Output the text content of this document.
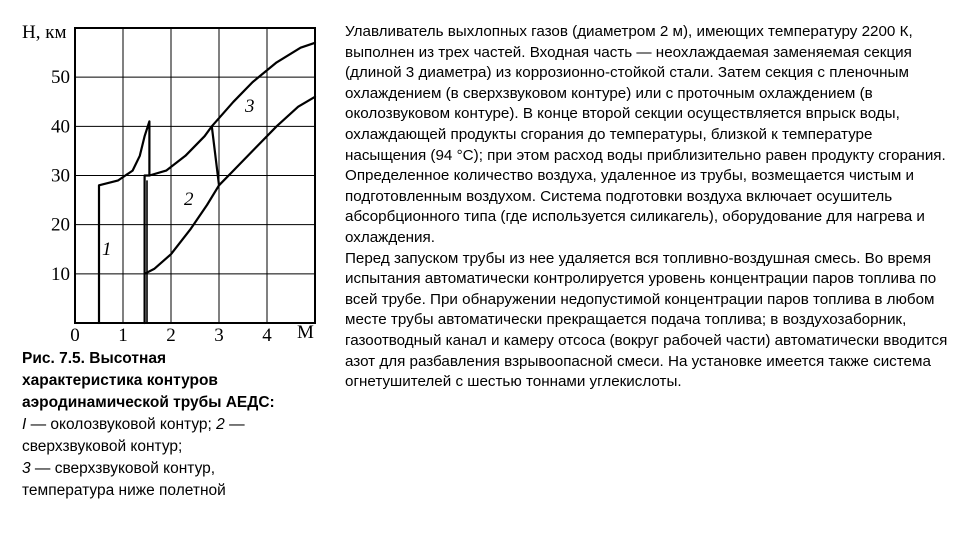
0 1 2 3 4
10
20
30
40
50
H, км
M
1
2
3
Рис. 7.5. Высотная
характеристика контуров
аэродинамической трубы АЕДС:
I — околозвуковой контур; 2 —
сверхзвуковой контур;
3 — сверхзвуковой контур,
температура ниже полетной

Улавливатель выхлопных газов (диаметром 2 м), имеющих температуру 2200 К, выполнен из трех частей. Входная часть — неохлаждаемая заменяемая секция (длиной 3 диаметра) из коррозионно-стойкой стали. Затем секция с пленочным охлаждением (в сверхзвуковом контуре) или с проточным охлаждением (в околозвуковом контуре). В конце второй секции осуществляется впрыск воды, охлаждающей продукты сгорания до температуры, близкой к температуре насыщения (94 °С); при этом расход воды приблизительно равен продукту сгорания. Определенное количество воздуха, удаленное из трубы, возмещается чистым и подготовленным воздухом. Система подготовки воздуха включает осушитель абсорбционного типа (где используется силикагель), оборудование для нагрева и охлаждения.

Перед запуском трубы из нее удаляется вся топливно-воздушная смесь. Во время испытания автоматически контролируется уровень концентрации паров топлива по всей трубе. При обнаружении недопустимой концентрации паров топлива в любом месте трубы автоматически прекращается подача топлива; в воздухозаборник, газоотводный канал и камеру отсоса (вокруг рабочей части) автоматически вводится азот для разбавления взрывоопасной смеси. На установке имеется также система огнетушителей с шестью тоннами углекислоты.
